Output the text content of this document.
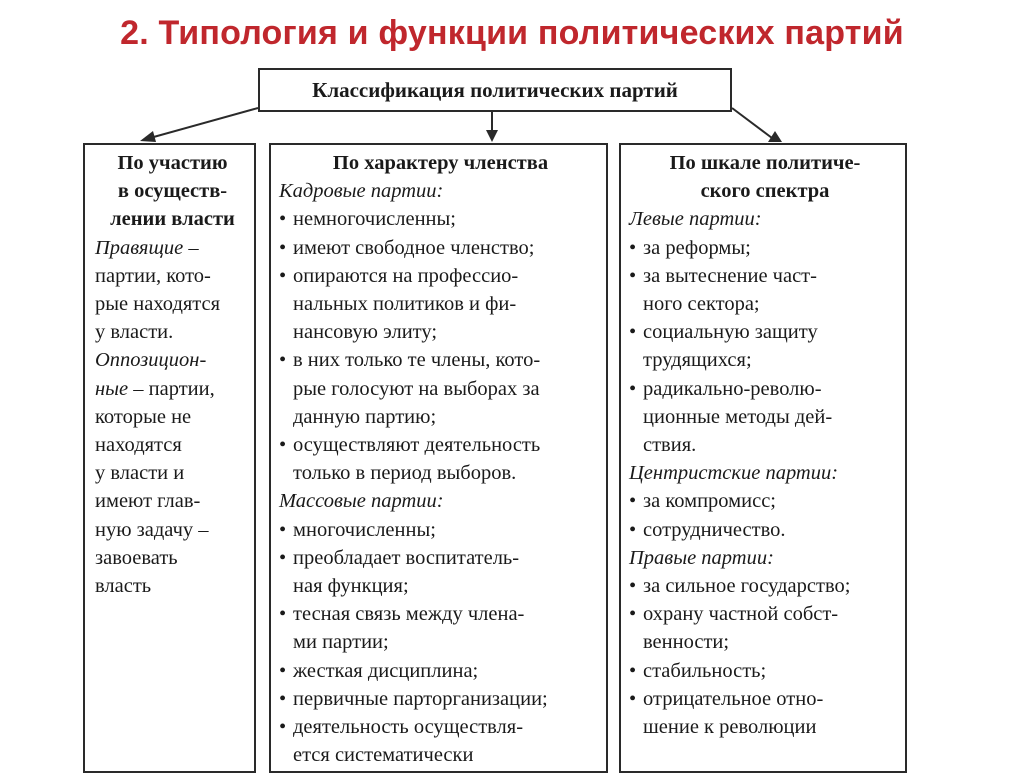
2. Типология и функции политических партий
Классификация политических партий
По участию
в осуществ-
лении власти
Правящие –
партии, кото-
рые находятся
у власти.
Оппозицион-
ные – партии,
которые не
находятся
у власти и
имеют глав-
ную задачу –
завоевать
власть
По характеру членства
Кадровые партии:
• немногочисленны;
• имеют свободное членство;
• опираются на профессио-
нальных политиков и фи-
нансовую элиту;
• в них только те члены, кото-
рые голосуют на выборах за
данную партию;
• осуществляют деятельность
только в период выборов.
Массовые партии:
• многочисленны;
• преобладает воспитатель-
ная функция;
• тесная связь между члена-
ми партии;
• жесткая дисциплина;
• первичные парторганизации;
• деятельность осуществля-
ется систематически
По шкале политиче-
ского спектра
Левые партии:
• за реформы;
• за вытеснение част-
ного сектора;
• социальную защиту
трудящихся;
• радикально-револю-
ционные методы дей-
ствия.
Центристские партии:
• за компромисс;
• сотрудничество.
Правые партии:
• за сильное государство;
• охрану частной собст-
венности;
• стабильность;
• отрицательное отно-
шение к революции
